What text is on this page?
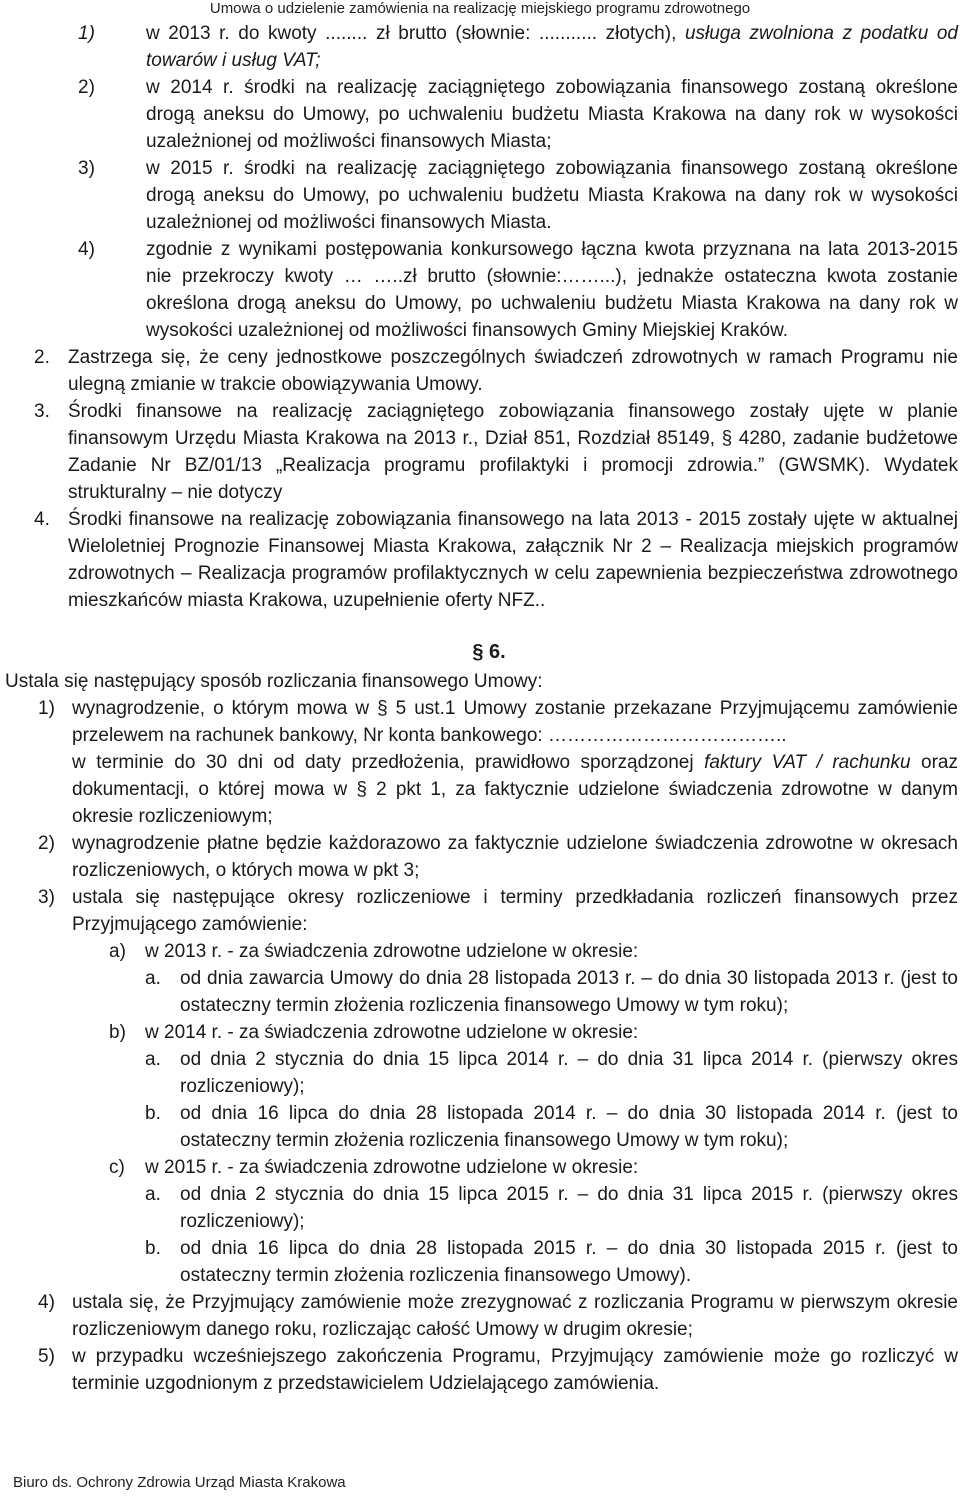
Umowa o udzielenie zamówienia na realizację miejskiego programu zdrowotnego
1)	w 2013 r. do kwoty ........ zł brutto (słownie: ........... złotych), usługa zwolniona z podatku od towarów i usług VAT;
2)	w 2014 r. środki na realizację zaciągniętego zobowiązania finansowego zostaną określone drogą aneksu do Umowy, po uchwaleniu budżetu Miasta Krakowa na dany rok w wysokości uzależnionej od możliwości finansowych Miasta;
3)	w 2015 r. środki na realizację zaciągniętego zobowiązania finansowego zostaną określone drogą aneksu do Umowy, po uchwaleniu budżetu Miasta Krakowa na dany rok w wysokości uzależnionej od możliwości finansowych Miasta.
4)	zgodnie z wynikami postępowania konkursowego łączna kwota przyznana na lata 2013-2015 nie przekroczy kwoty … …..zł brutto (słownie:……...), jednakże ostateczna kwota zostanie określona drogą aneksu do Umowy, po uchwaleniu budżetu Miasta Krakowa na dany rok w wysokości uzależnionej od możliwości finansowych Gminy Miejskiej Kraków.
2. Zastrzega się, że ceny jednostkowe poszczególnych świadczeń zdrowotnych w ramach Programu nie ulegną zmianie w trakcie obowiązywania Umowy.
3. Środki finansowe na realizację zaciągniętego zobowiązania finansowego zostały ujęte w planie finansowym Urzędu Miasta Krakowa na 2013 r., Dział 851, Rozdział 85149, § 4280, zadanie budżetowe Zadanie Nr BZ/01/13 „Realizacja programu profilaktyki i promocji zdrowia.” (GWSMK). Wydatek strukturalny – nie dotyczy
4. Środki finansowe na realizację zobowiązania finansowego na lata 2013 - 2015 zostały ujęte w aktualnej Wieloletniej Prognozie Finansowej Miasta Krakowa, załącznik Nr 2 – Realizacja miejskich programów zdrowotnych – Realizacja programów profilaktycznych w celu zapewnienia bezpieczeństwa zdrowotnego mieszkańców miasta Krakowa, uzupełnienie oferty NFZ..
§ 6.
Ustala się następujący sposób rozliczania finansowego Umowy:
1) wynagrodzenie, o którym mowa w § 5 ust.1 Umowy zostanie przekazane Przyjmującemu zamówienie przelewem na rachunek bankowy, Nr konta bankowego: ………………………………..
w terminie do 30 dni od daty przedłożenia, prawidłowo sporządzonej faktury VAT / rachunku oraz dokumentacji, o której mowa w § 2 pkt 1, za faktycznie udzielone świadczenia zdrowotne w danym okresie rozliczeniowym;
2) wynagrodzenie płatne będzie każdorazowo za faktycznie udzielone świadczenia zdrowotne w okresach rozliczeniowych, o których mowa w pkt 3;
3) ustala się następujące okresy rozliczeniowe i terminy przedkładania rozliczeń finansowych przez Przyjmującego zamówienie:
a) w 2013 r. - za świadczenia zdrowotne udzielone w okresie:
a. od dnia zawarcia Umowy do dnia 28 listopada 2013 r. – do dnia 30 listopada 2013 r. (jest to ostateczny termin złożenia rozliczenia finansowego Umowy w tym roku);
b) w 2014 r. - za świadczenia zdrowotne udzielone w okresie:
a. od dnia 2 stycznia do dnia 15 lipca 2014 r. – do dnia 31 lipca 2014 r. (pierwszy okres rozliczeniowy);
b. od dnia 16 lipca do dnia 28 listopada 2014 r. – do dnia 30 listopada 2014 r. (jest to ostateczny termin złożenia rozliczenia finansowego Umowy w tym roku);
c) w 2015 r. - za świadczenia zdrowotne udzielone w okresie:
a. od dnia 2 stycznia do dnia 15 lipca 2015 r. – do dnia 31 lipca 2015 r. (pierwszy okres rozliczeniowy);
b. od dnia 16 lipca do dnia 28 listopada 2015 r. – do dnia 30 listopada 2015 r. (jest to ostateczny termin złożenia rozliczenia finansowego Umowy).
4) ustala się, że Przyjmujący zamówienie może zrezygnować z rozliczania Programu w pierwszym okresie rozliczeniowym danego roku, rozliczając całość Umowy w drugim okresie;
5) w przypadku wcześniejszego zakończenia Programu, Przyjmujący zamówienie może go rozliczyć w terminie uzgodnionym z przedstawicielem Udzielającego zamówienia.
Biuro ds. Ochrony Zdrowia Urząd Miasta Krakowa
